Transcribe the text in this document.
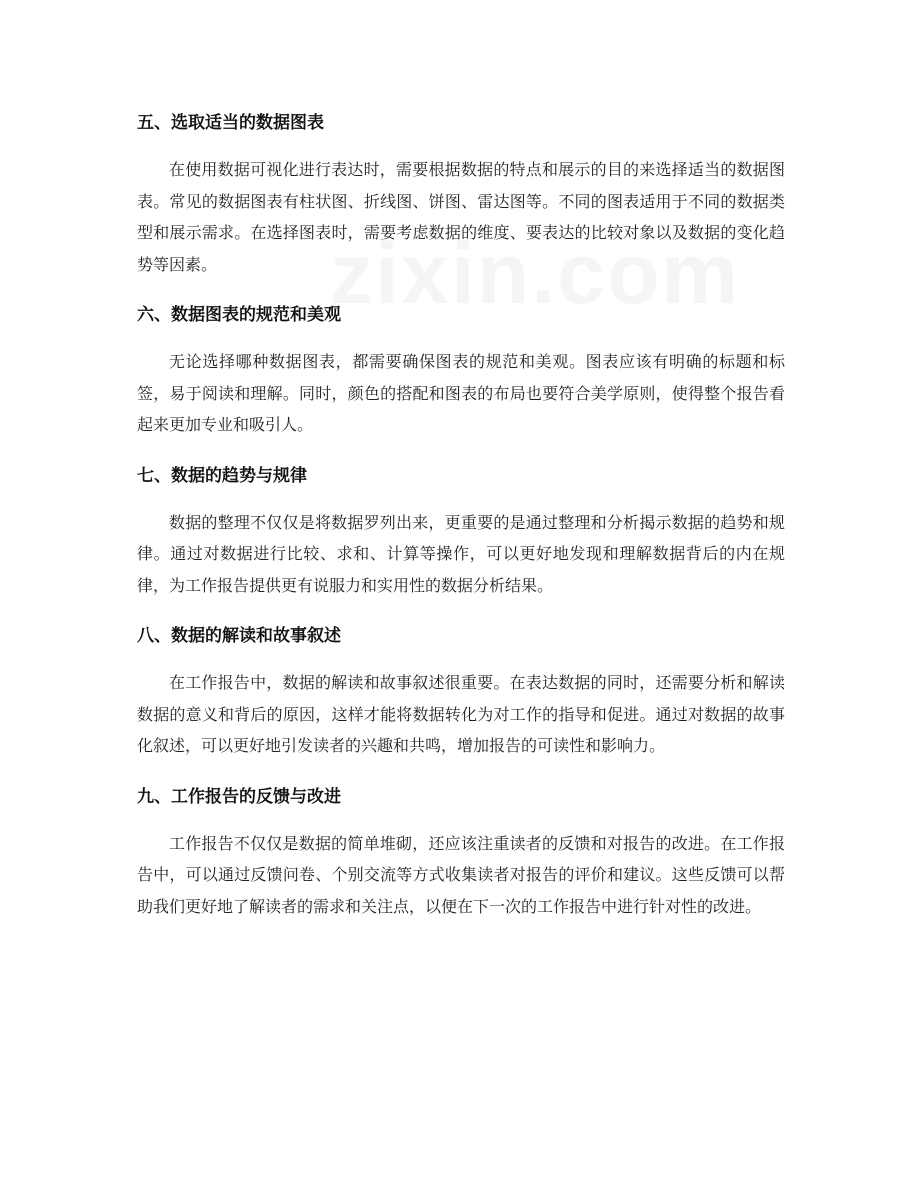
五、选取适当的数据图表

在使用数据可视化进行表达时，需要根据数据的特点和展示的目的来选择适当的数据图表。常见的数据图表有柱状图、折线图、饼图、雷达图等。不同的图表适用于不同的数据类型和展示需求。在选择图表时，需要考虑数据的维度、要表达的比较对象以及数据的变化趋势等因素。

六、数据图表的规范和美观

无论选择哪种数据图表，都需要确保图表的规范和美观。图表应该有明确的标题和标签，易于阅读和理解。同时，颜色的搭配和图表的布局也要符合美学原则，使得整个报告看起来更加专业和吸引人。

七、数据的趋势与规律

数据的整理不仅仅是将数据罗列出来，更重要的是通过整理和分析揭示数据的趋势和规律。通过对数据进行比较、求和、计算等操作，可以更好地发现和理解数据背后的内在规律，为工作报告提供更有说服力和实用性的数据分析结果。

八、数据的解读和故事叙述

在工作报告中，数据的解读和故事叙述很重要。在表达数据的同时，还需要分析和解读数据的意义和背后的原因，这样才能将数据转化为对工作的指导和促进。通过对数据的故事化叙述，可以更好地引发读者的兴趣和共鸣，增加报告的可读性和影响力。

九、工作报告的反馈与改进

工作报告不仅仅是数据的简单堆砌，还应该注重读者的反馈和对报告的改进。在工作报告中，可以通过反馈问卷、个别交流等方式收集读者对报告的评价和建议。这些反馈可以帮助我们更好地了解读者的需求和关注点，以便在下一次的工作报告中进行针对性的改进。
